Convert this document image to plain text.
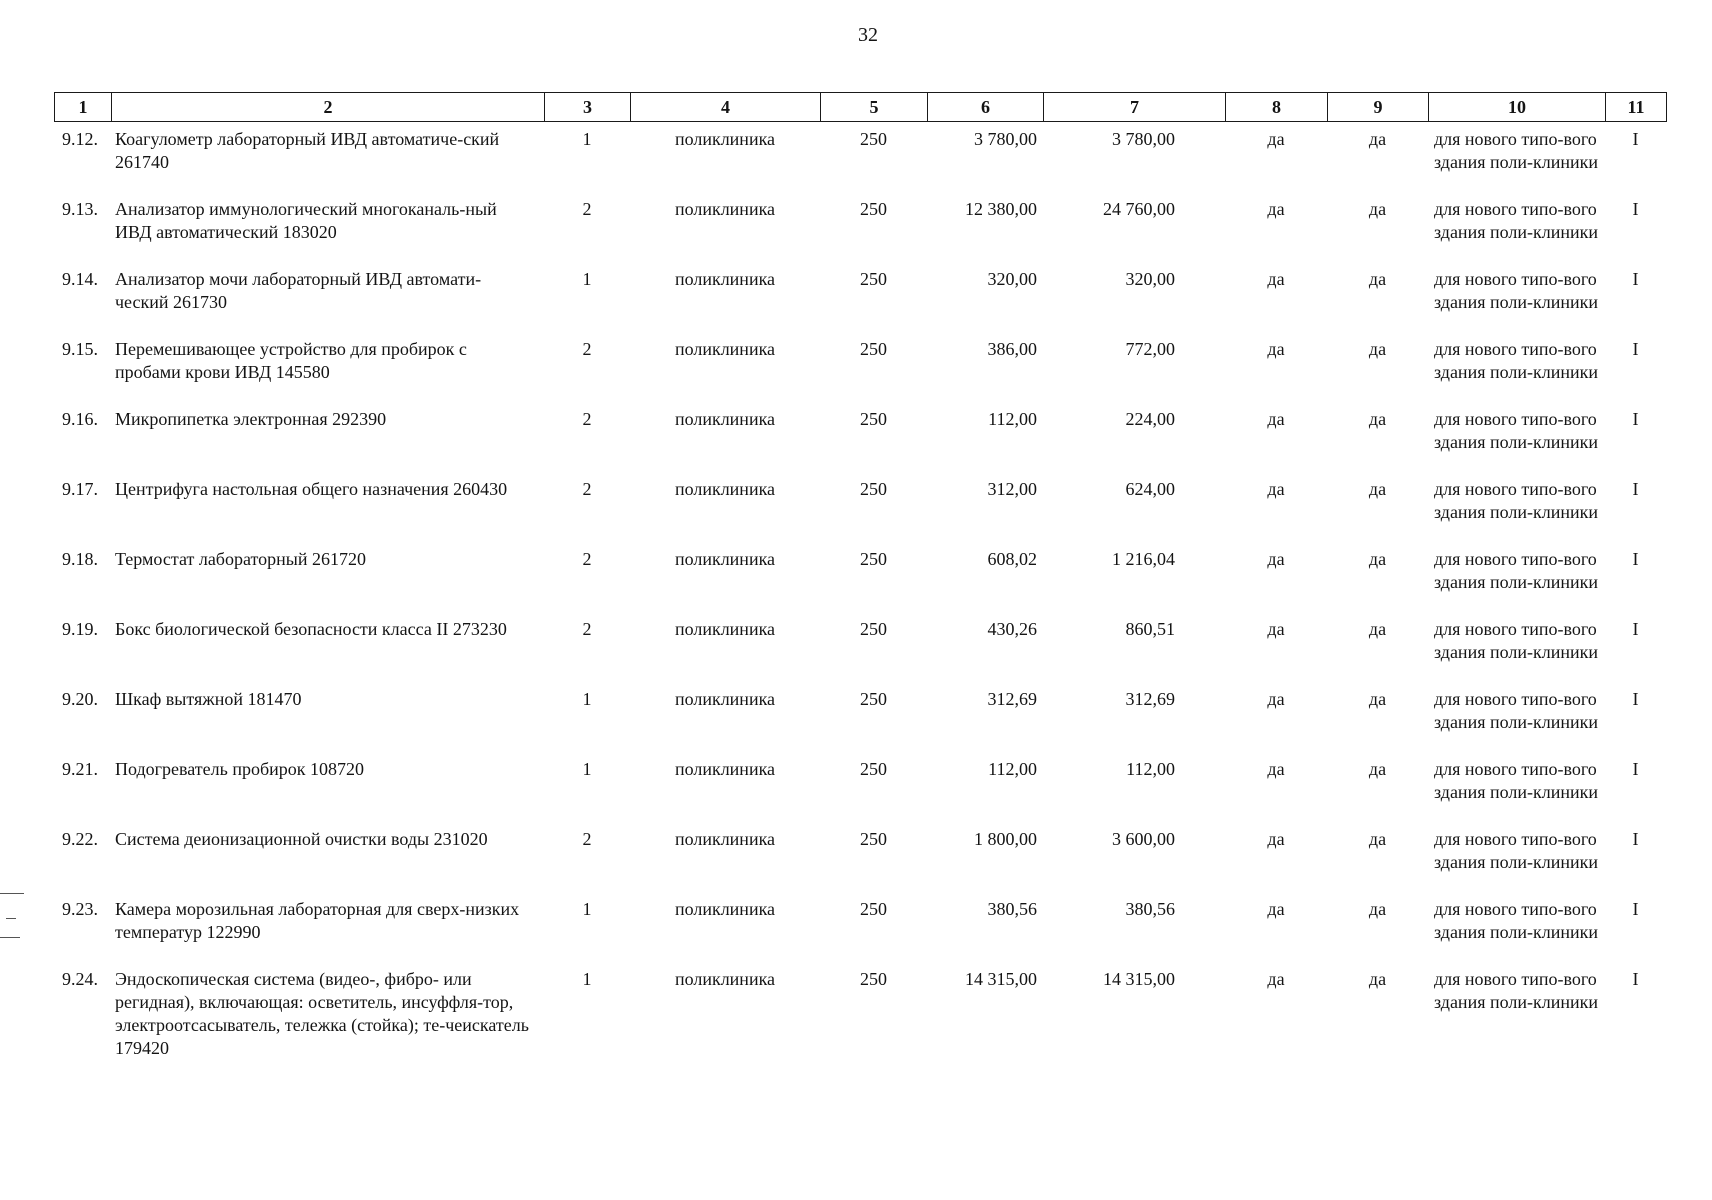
32
1	2	3	4	5	6	7	8	9	10	11
9.12.	Коагулометр лабораторный ИВД автоматиче-ский 261740	1	поликлиника	250	3 780,00	3 780,00	да	да	для нового типо-вого здания поли-клиники	I
9.13.	Анализатор иммунологический многоканаль-ный ИВД автоматический 183020	2	поликлиника	250	12 380,00	24 760,00	да	да	для нового типо-вого здания поли-клиники	I
9.14.	Анализатор мочи лабораторный ИВД автомати-ческий 261730	1	поликлиника	250	320,00	320,00	да	да	для нового типо-вого здания поли-клиники	I
9.15.	Перемешивающее устройство для пробирок с пробами крови ИВД 145580	2	поликлиника	250	386,00	772,00	да	да	для нового типо-вого здания поли-клиники	I
9.16.	Микропипетка электронная 292390	2	поликлиника	250	112,00	224,00	да	да	для нового типо-вого здания поли-клиники	I
9.17.	Центрифуга настольная общего назначения 260430	2	поликлиника	250	312,00	624,00	да	да	для нового типо-вого здания поли-клиники	I
9.18.	Термостат лабораторный 261720	2	поликлиника	250	608,02	1 216,04	да	да	для нового типо-вого здания поли-клиники	I
9.19.	Бокс биологической безопасности класса II 273230	2	поликлиника	250	430,26	860,51	да	да	для нового типо-вого здания поли-клиники	I
9.20.	Шкаф вытяжной 181470	1	поликлиника	250	312,69	312,69	да	да	для нового типо-вого здания поли-клиники	I
9.21.	Подогреватель пробирок 108720	1	поликлиника	250	112,00	112,00	да	да	для нового типо-вого здания поли-клиники	I
9.22.	Система деионизационной очистки воды 231020	2	поликлиника	250	1 800,00	3 600,00	да	да	для нового типо-вого здания поли-клиники	I
9.23.	Камера морозильная лабораторная для сверх-низких температур 122990	1	поликлиника	250	380,56	380,56	да	да	для нового типо-вого здания поли-клиники	I
9.24.	Эндоскопическая система (видео-, фибро- или регидная), включающая: осветитель, инсуффля-тор, электроотсасыватель, тележка (стойка); те-чеискатель 179420	1	поликлиника	250	14 315,00	14 315,00	да	да	для нового типо-вого здания поли-клиники	I
